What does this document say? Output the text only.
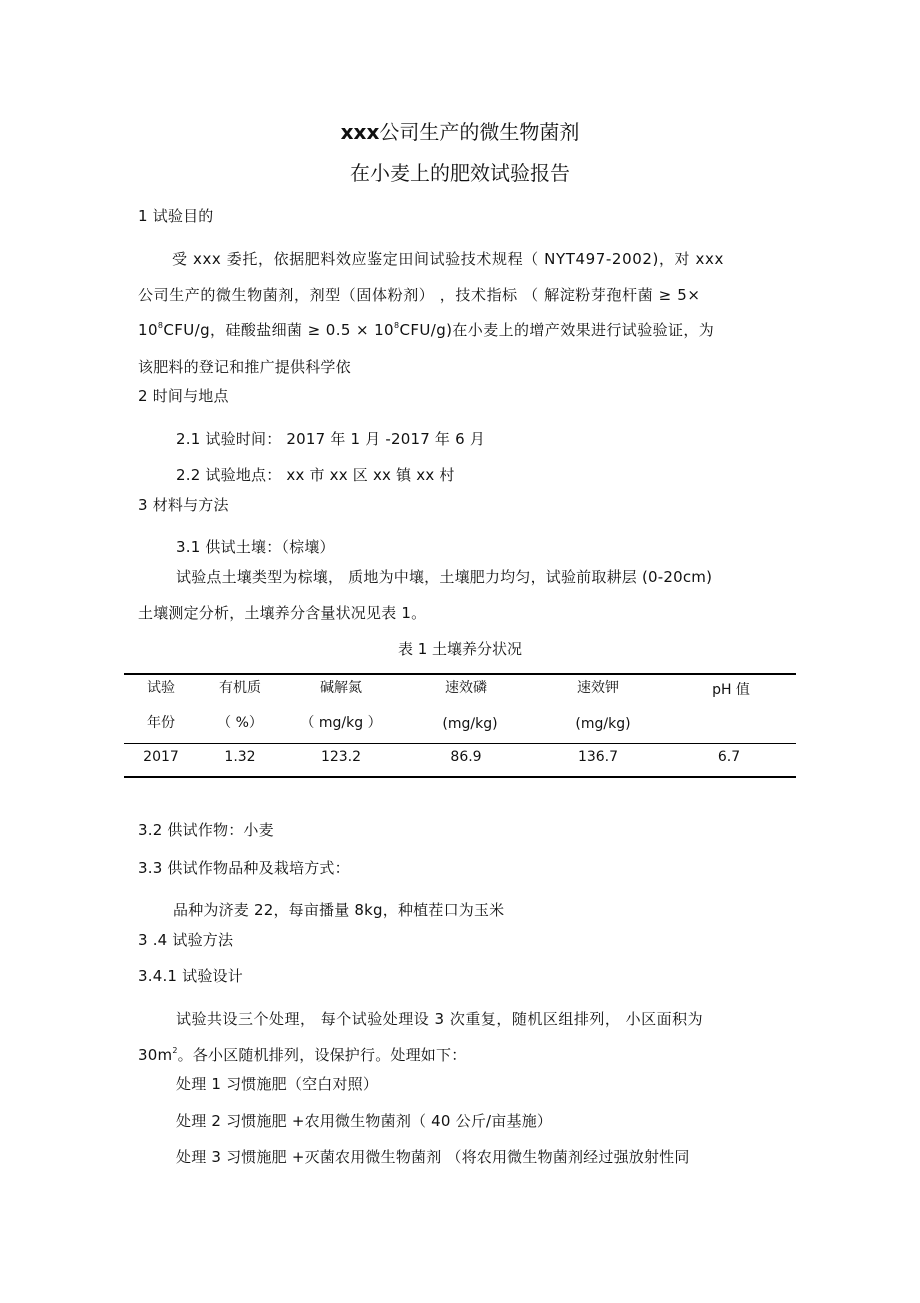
xxx公司生产的微生物菌剂
在小麦上的肥效试验报告
1 试验目的
受 xxx 委托，依据肥料效应鉴定田间试验技术规程（ NYT497-2002)，对 xxx
公司生产的微生物菌剂，剂型（固体粉剂） ，技术指标 （ 解淀粉芽孢杆菌 ≥ 5×
$10^8CFU/g$，硅酸盐细菌 ≥ $0.5 \times 10^8CFU/g$)在小麦上的增产效果进行试验验证，为
该肥料的登记和推广提供科学依
2 时间与地点
2.1 试验时间： 2017 年 1 月 -2017 年 6 月
2.2 试验地点： xx 市 xx 区 xx 镇 xx 村
3 材料与方法
3.1 供试土壤：（棕壤）
试验点土壤类型为棕壤， 质地为中壤，土壤肥力均匀，试验前取耕层 (0-20cm)
土壤测定分析，土壤养分含量状况见表 1。
表 1 土壤养分状况
试验	有机质	碱解氮	速效磷	速效钾	pH 值
年份	（ %）	（ mg/kg ）	(mg/kg)	(mg/kg)
2017	1.32	123.2	86.9	136.7	6.7
3.2 供试作物：小麦
3.3 供试作物品种及栽培方式：
品种为济麦 22，每亩播量 8kg，种植茬口为玉米
3 .4 试验方法
3.4.1 试验设计
试验共设三个处理， 每个试验处理设 3 次重复，随机区组排列， 小区面积为
$30m^2$。各小区随机排列，设保护行。处理如下：
处理 1 习惯施肥（空白对照）
处理 2 习惯施肥 +农用微生物菌剂（ 40 公斤/亩基施）
处理 3 习惯施肥 +灭菌农用微生物菌剂 （将农用微生物菌剂经过强放射性同
